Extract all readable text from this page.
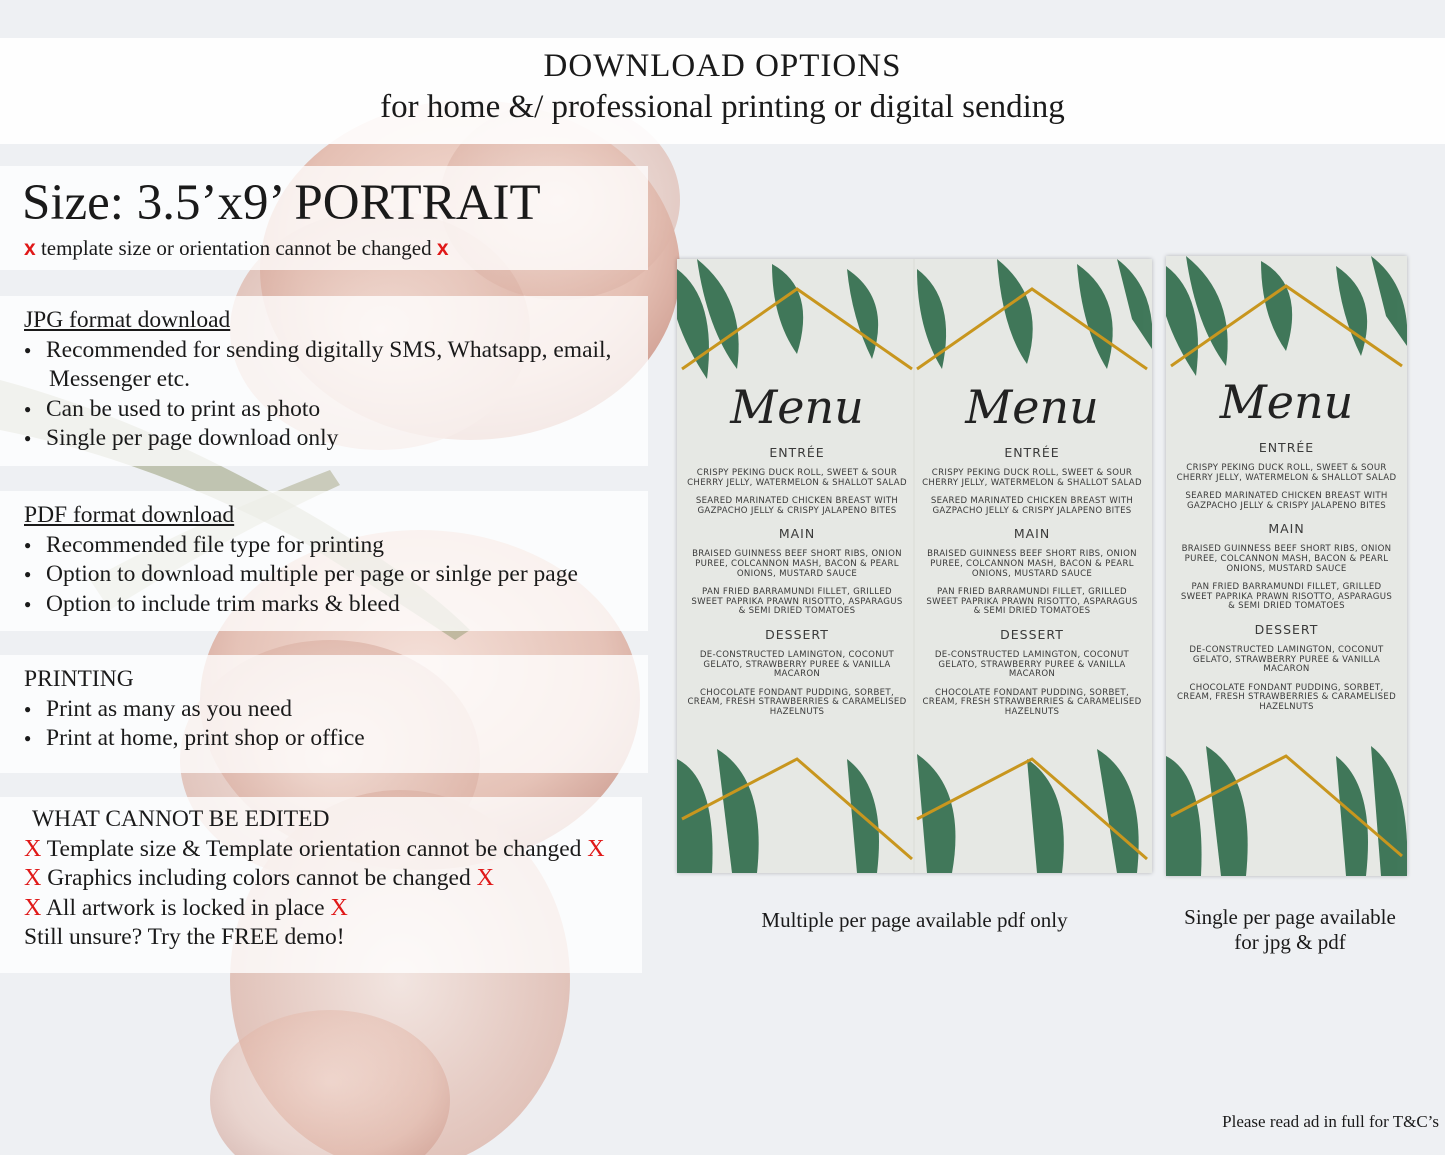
DOWNLOAD OPTIONS
for home &/ professional printing or digital sending
Size: 3.5’x9’ PORTRAIT
x template size or orientation cannot be changed x
JPG format download
● Recommended for sending digitally SMS, Whatsapp, email,
Messenger etc.
● Can be used to print as photo
● Single per page download only
PDF format download
● Recommended file type for printing
● Option to download multiple per page or sinlge per page
● Option to include trim marks & bleed
PRINTING
● Print as many as you need
● Print at home, print shop or office
WHAT CANNOT BE EDITED
X Template size & Template orientation cannot be changed X
X Graphics including colors cannot be changed X
X All artwork is locked in place X
Still unsure? Try the FREE demo!
Menu
ENTRÉE
CRISPY PEKING DUCK ROLL, SWEET & SOUR CHERRY JELLY, WATERMELON & SHALLOT SALAD
SEARED MARINATED CHICKEN BREAST WITH GAZPACHO JELLY & CRISPY JALAPENO BITES
MAIN
BRAISED GUINNESS BEEF SHORT RIBS, ONION PUREE, COLCANNON MASH, BACON & PEARL ONIONS, MUSTARD SAUCE
PAN FRIED BARRAMUNDI FILLET, GRILLED SWEET PAPRIKA PRAWN RISOTTO, ASPARAGUS & SEMI DRIED TOMATOES
DESSERT
DE-CONSTRUCTED LAMINGTON, COCONUT GELATO, STRAWBERRY PUREE & VANILLA MACARON
CHOCOLATE FONDANT PUDDING, SORBET, CREAM, FRESH STRAWBERRIES & CARAMELISED HAZELNUTS
Menu
ENTRÉE
CRISPY PEKING DUCK ROLL, SWEET & SOUR CHERRY JELLY, WATERMELON & SHALLOT SALAD
SEARED MARINATED CHICKEN BREAST WITH GAZPACHO JELLY & CRISPY JALAPENO BITES
MAIN
BRAISED GUINNESS BEEF SHORT RIBS, ONION PUREE, COLCANNON MASH, BACON & PEARL ONIONS, MUSTARD SAUCE
PAN FRIED BARRAMUNDI FILLET, GRILLED SWEET PAPRIKA PRAWN RISOTTO, ASPARAGUS & SEMI DRIED TOMATOES
DESSERT
DE-CONSTRUCTED LAMINGTON, COCONUT GELATO, STRAWBERRY PUREE & VANILLA MACARON
CHOCOLATE FONDANT PUDDING, SORBET, CREAM, FRESH STRAWBERRIES & CARAMELISED HAZELNUTS
Menu
ENTRÉE
CRISPY PEKING DUCK ROLL, SWEET & SOUR CHERRY JELLY, WATERMELON & SHALLOT SALAD
SEARED MARINATED CHICKEN BREAST WITH GAZPACHO JELLY & CRISPY JALAPENO BITES
MAIN
BRAISED GUINNESS BEEF SHORT RIBS, ONION PUREE, COLCANNON MASH, BACON & PEARL ONIONS, MUSTARD SAUCE
PAN FRIED BARRAMUNDI FILLET, GRILLED SWEET PAPRIKA PRAWN RISOTTO, ASPARAGUS & SEMI DRIED TOMATOES
DESSERT
DE-CONSTRUCTED LAMINGTON, COCONUT GELATO, STRAWBERRY PUREE & VANILLA MACARON
CHOCOLATE FONDANT PUDDING, SORBET, CREAM, FRESH STRAWBERRIES & CARAMELISED HAZELNUTS
Multiple per page available pdf only	Single per page available
for jpg & pdf
Please read ad in full for T&C’s
